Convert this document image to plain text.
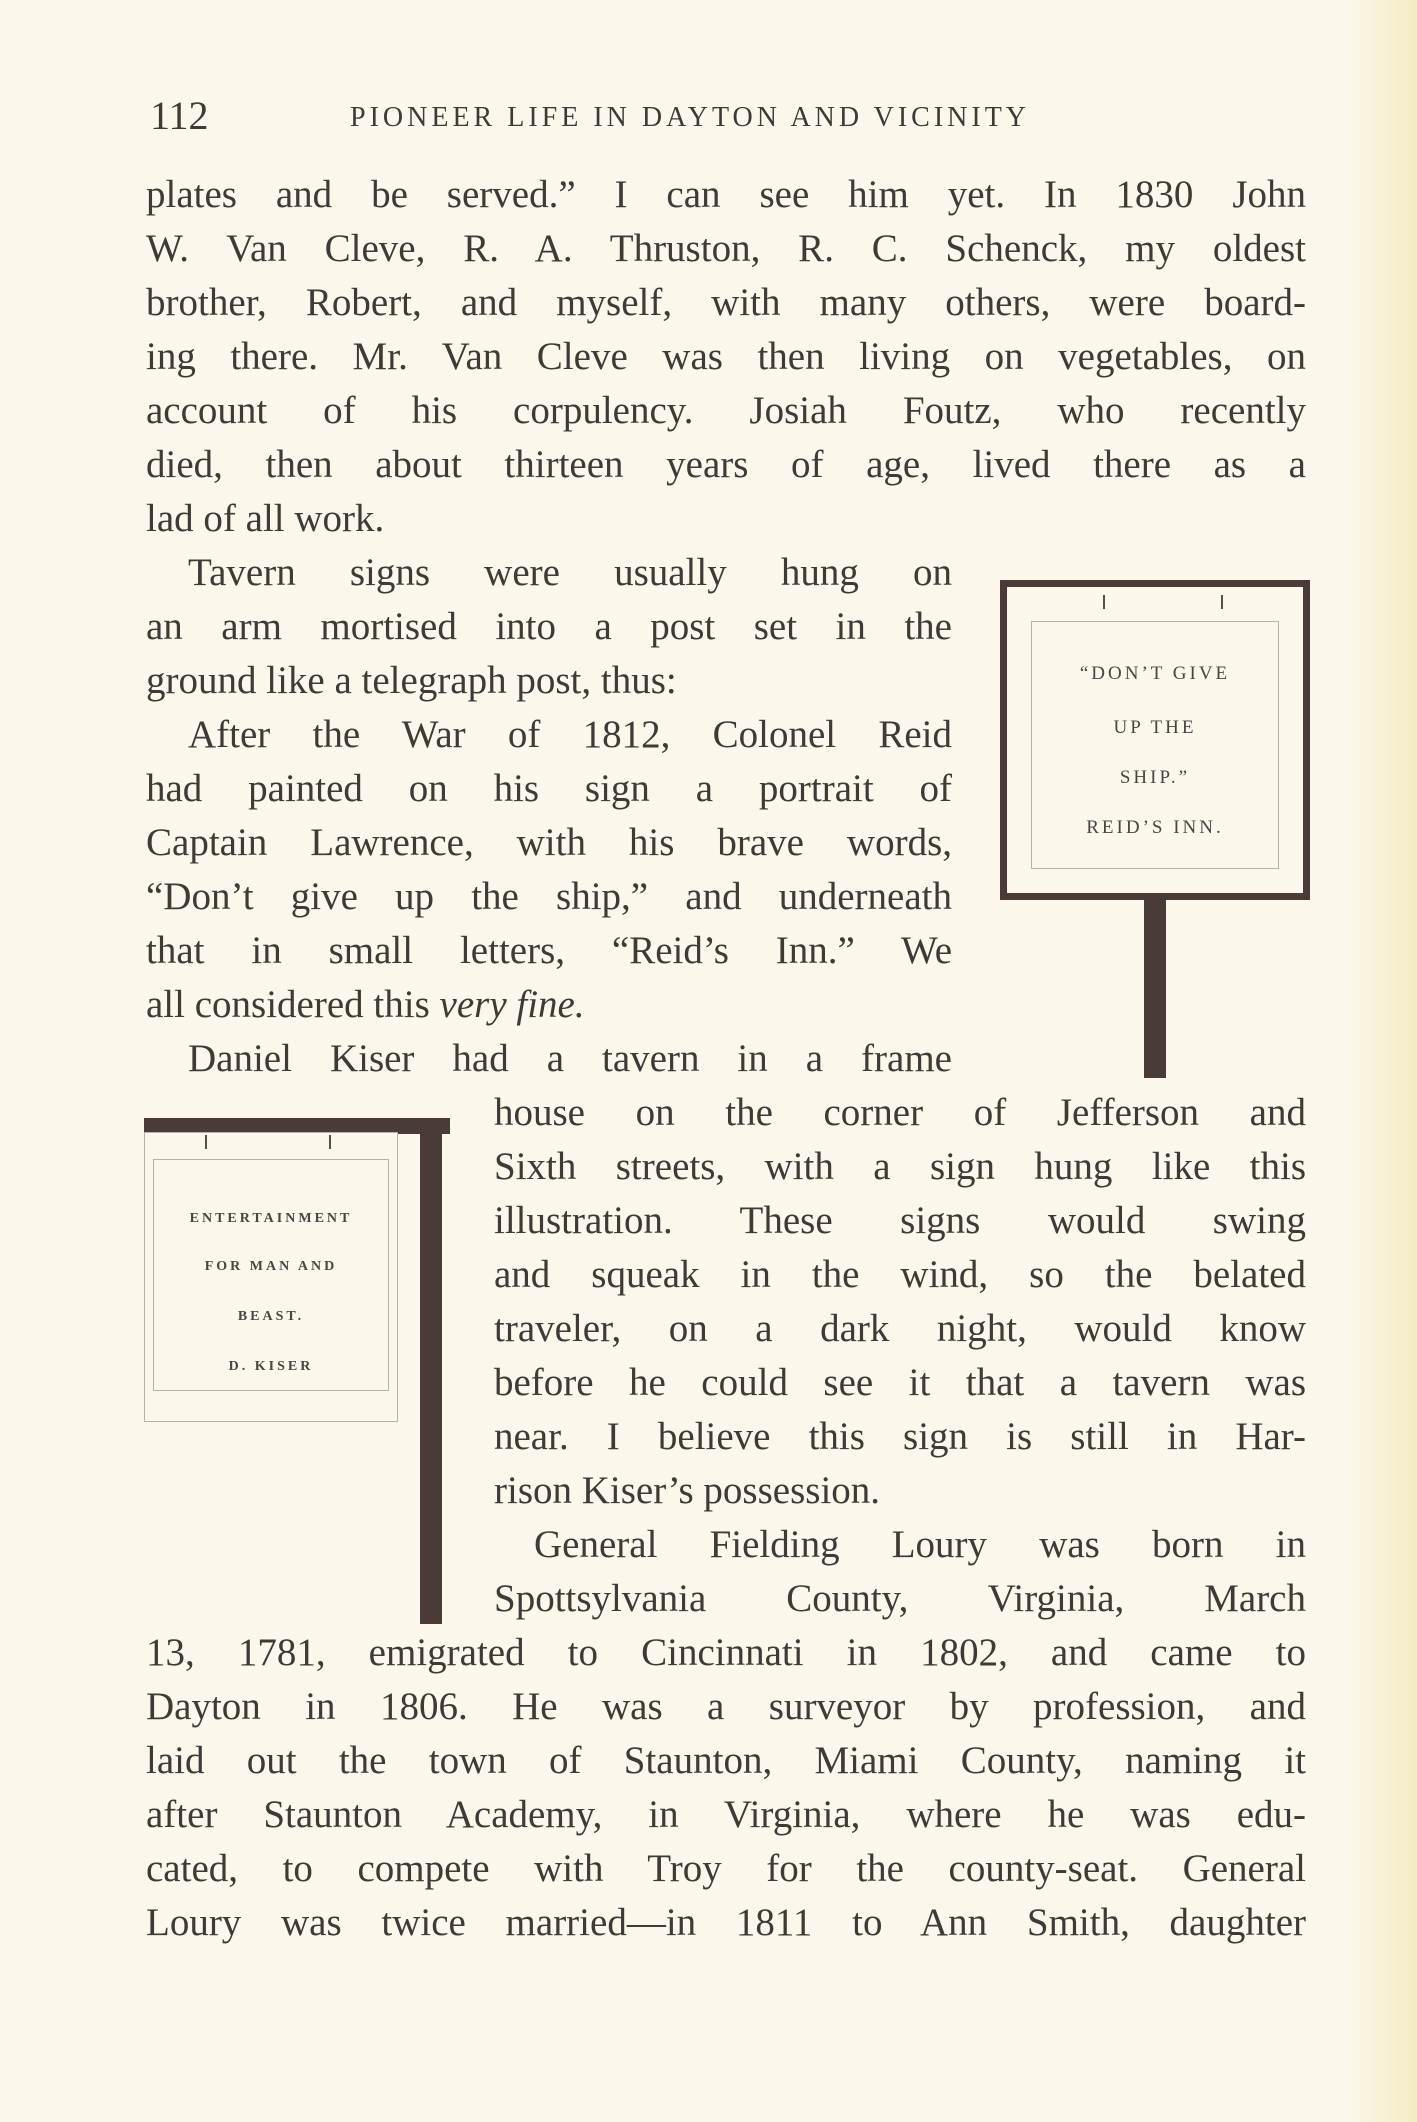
112	PIONEER LIFE IN DAYTON AND VICINITY
plates and be served.” I can see him yet. In 1830 John
W. Van Cleve, R. A. Thruston, R. C. Schenck, my oldest
brother, Robert, and myself, with many others, were board-
ing there. Mr. Van Cleve was then living on vegetables, on
account of his corpulency. Josiah Foutz, who recently
died, then about thirteen years of age, lived there as a
lad of all work.
Tavern signs were usually hung on
an arm mortised into a post set in the
ground like a telegraph post, thus:
After the War of 1812, Colonel Reid
had painted on his sign a portrait of
Captain Lawrence, with his brave words,
“Don’t give up the ship,” and underneath
that in small letters, “Reid’s Inn.” We
all considered this very fine.
Daniel Kiser had a tavern in a frame
house on the corner of Jefferson and
Sixth streets, with a sign hung like this
illustration. These signs would swing
and squeak in the wind, so the belated
traveler, on a dark night, would know
before he could see it that a tavern was
near. I believe this sign is still in Har-
rison Kiser’s possession.
General Fielding Loury was born in
Spottsylvania County, Virginia, March
13, 1781, emigrated to Cincinnati in 1802, and came to
Dayton in 1806. He was a surveyor by profession, and
laid out the town of Staunton, Miami County, naming it
after Staunton Academy, in Virginia, where he was edu-
cated, to compete with Troy for the county-seat. General
Loury was twice married—in 1811 to Ann Smith, daughter
“DON’T GIVE
UP THE
SHIP.”
REID’S INN.
ENTERTAINMENT
FOR MAN AND
BEAST.
D. KISER
